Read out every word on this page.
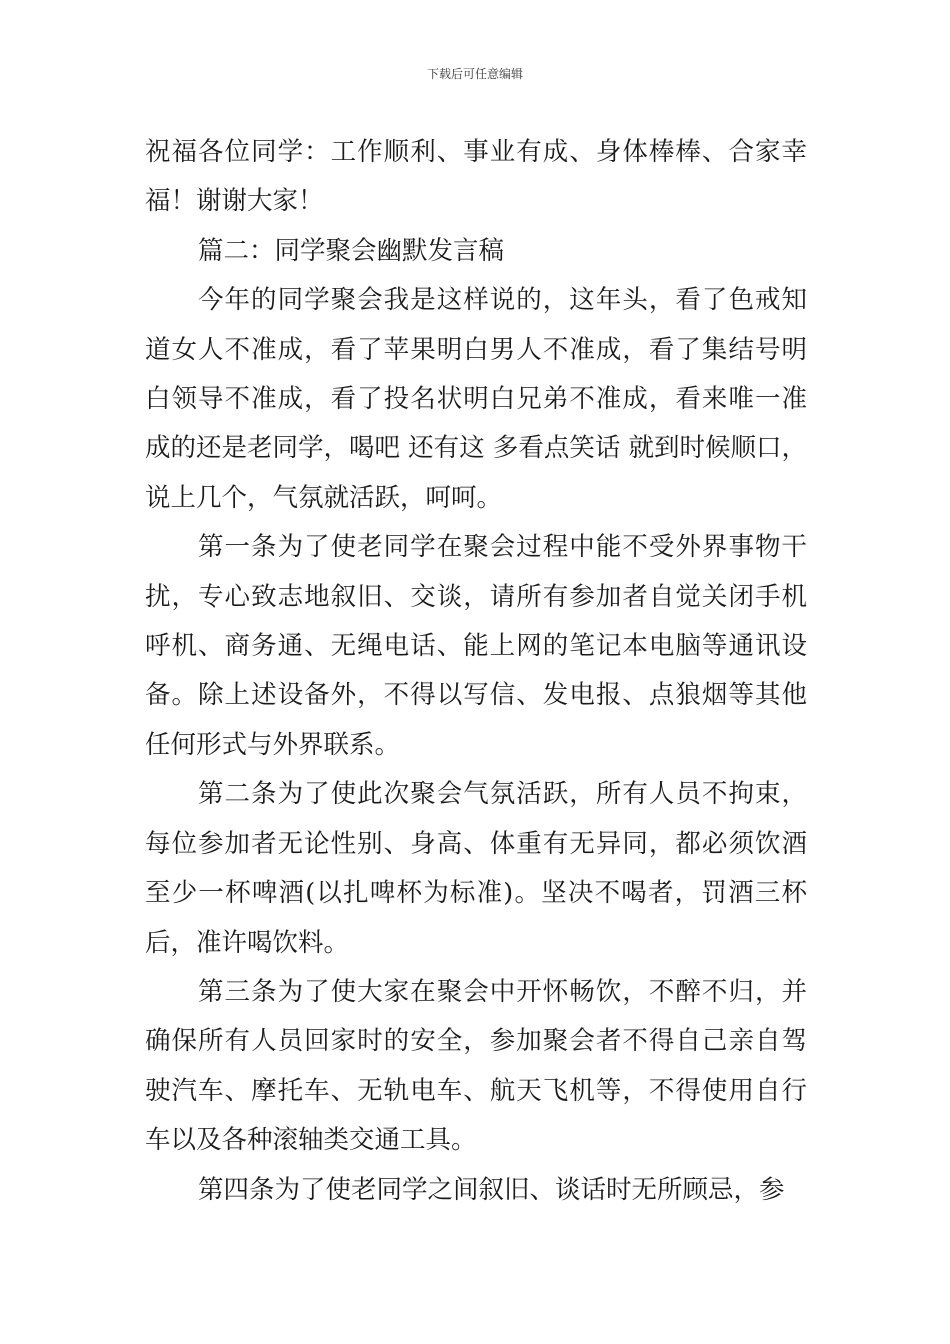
下载后可任意编辑

祝福各位同学：工作顺利、事业有成、身体棒棒、合家幸福！谢谢大家！

篇二：同学聚会幽默发言稿

今年的同学聚会我是这样说的，这年头，看了色戒知道女人不准成，看了苹果明白男人不准成，看了集结号明白领导不准成，看了投名状明白兄弟不准成，看来唯一准成的还是老同学，喝吧 还有这 多看点笑话 就到时候顺口，说上几个，气氛就活跃，呵呵。

第一条为了使老同学在聚会过程中能不受外界事物干扰，专心致志地叙旧、交谈，请所有参加者自觉关闭手机呼机、商务通、无绳电话、能上网的笔记本电脑等通讯设备。除上述设备外，不得以写信、发电报、点狼烟等其他任何形式与外界联系。

第二条为了使此次聚会气氛活跃，所有人员不拘束，每位参加者无论性别、身高、体重有无异同，都必须饮酒至少一杯啤酒(以扎啤杯为标准)。坚决不喝者，罚酒三杯后，准许喝饮料。

第三条为了使大家在聚会中开怀畅饮，不醉不归，并确保所有人员回家时的安全，参加聚会者不得自己亲自驾驶汽车、摩托车、无轨电车、航天飞机等，不得使用自行车以及各种滚轴类交通工具。

第四条为了使老同学之间叙旧、谈话时无所顾忌，参
